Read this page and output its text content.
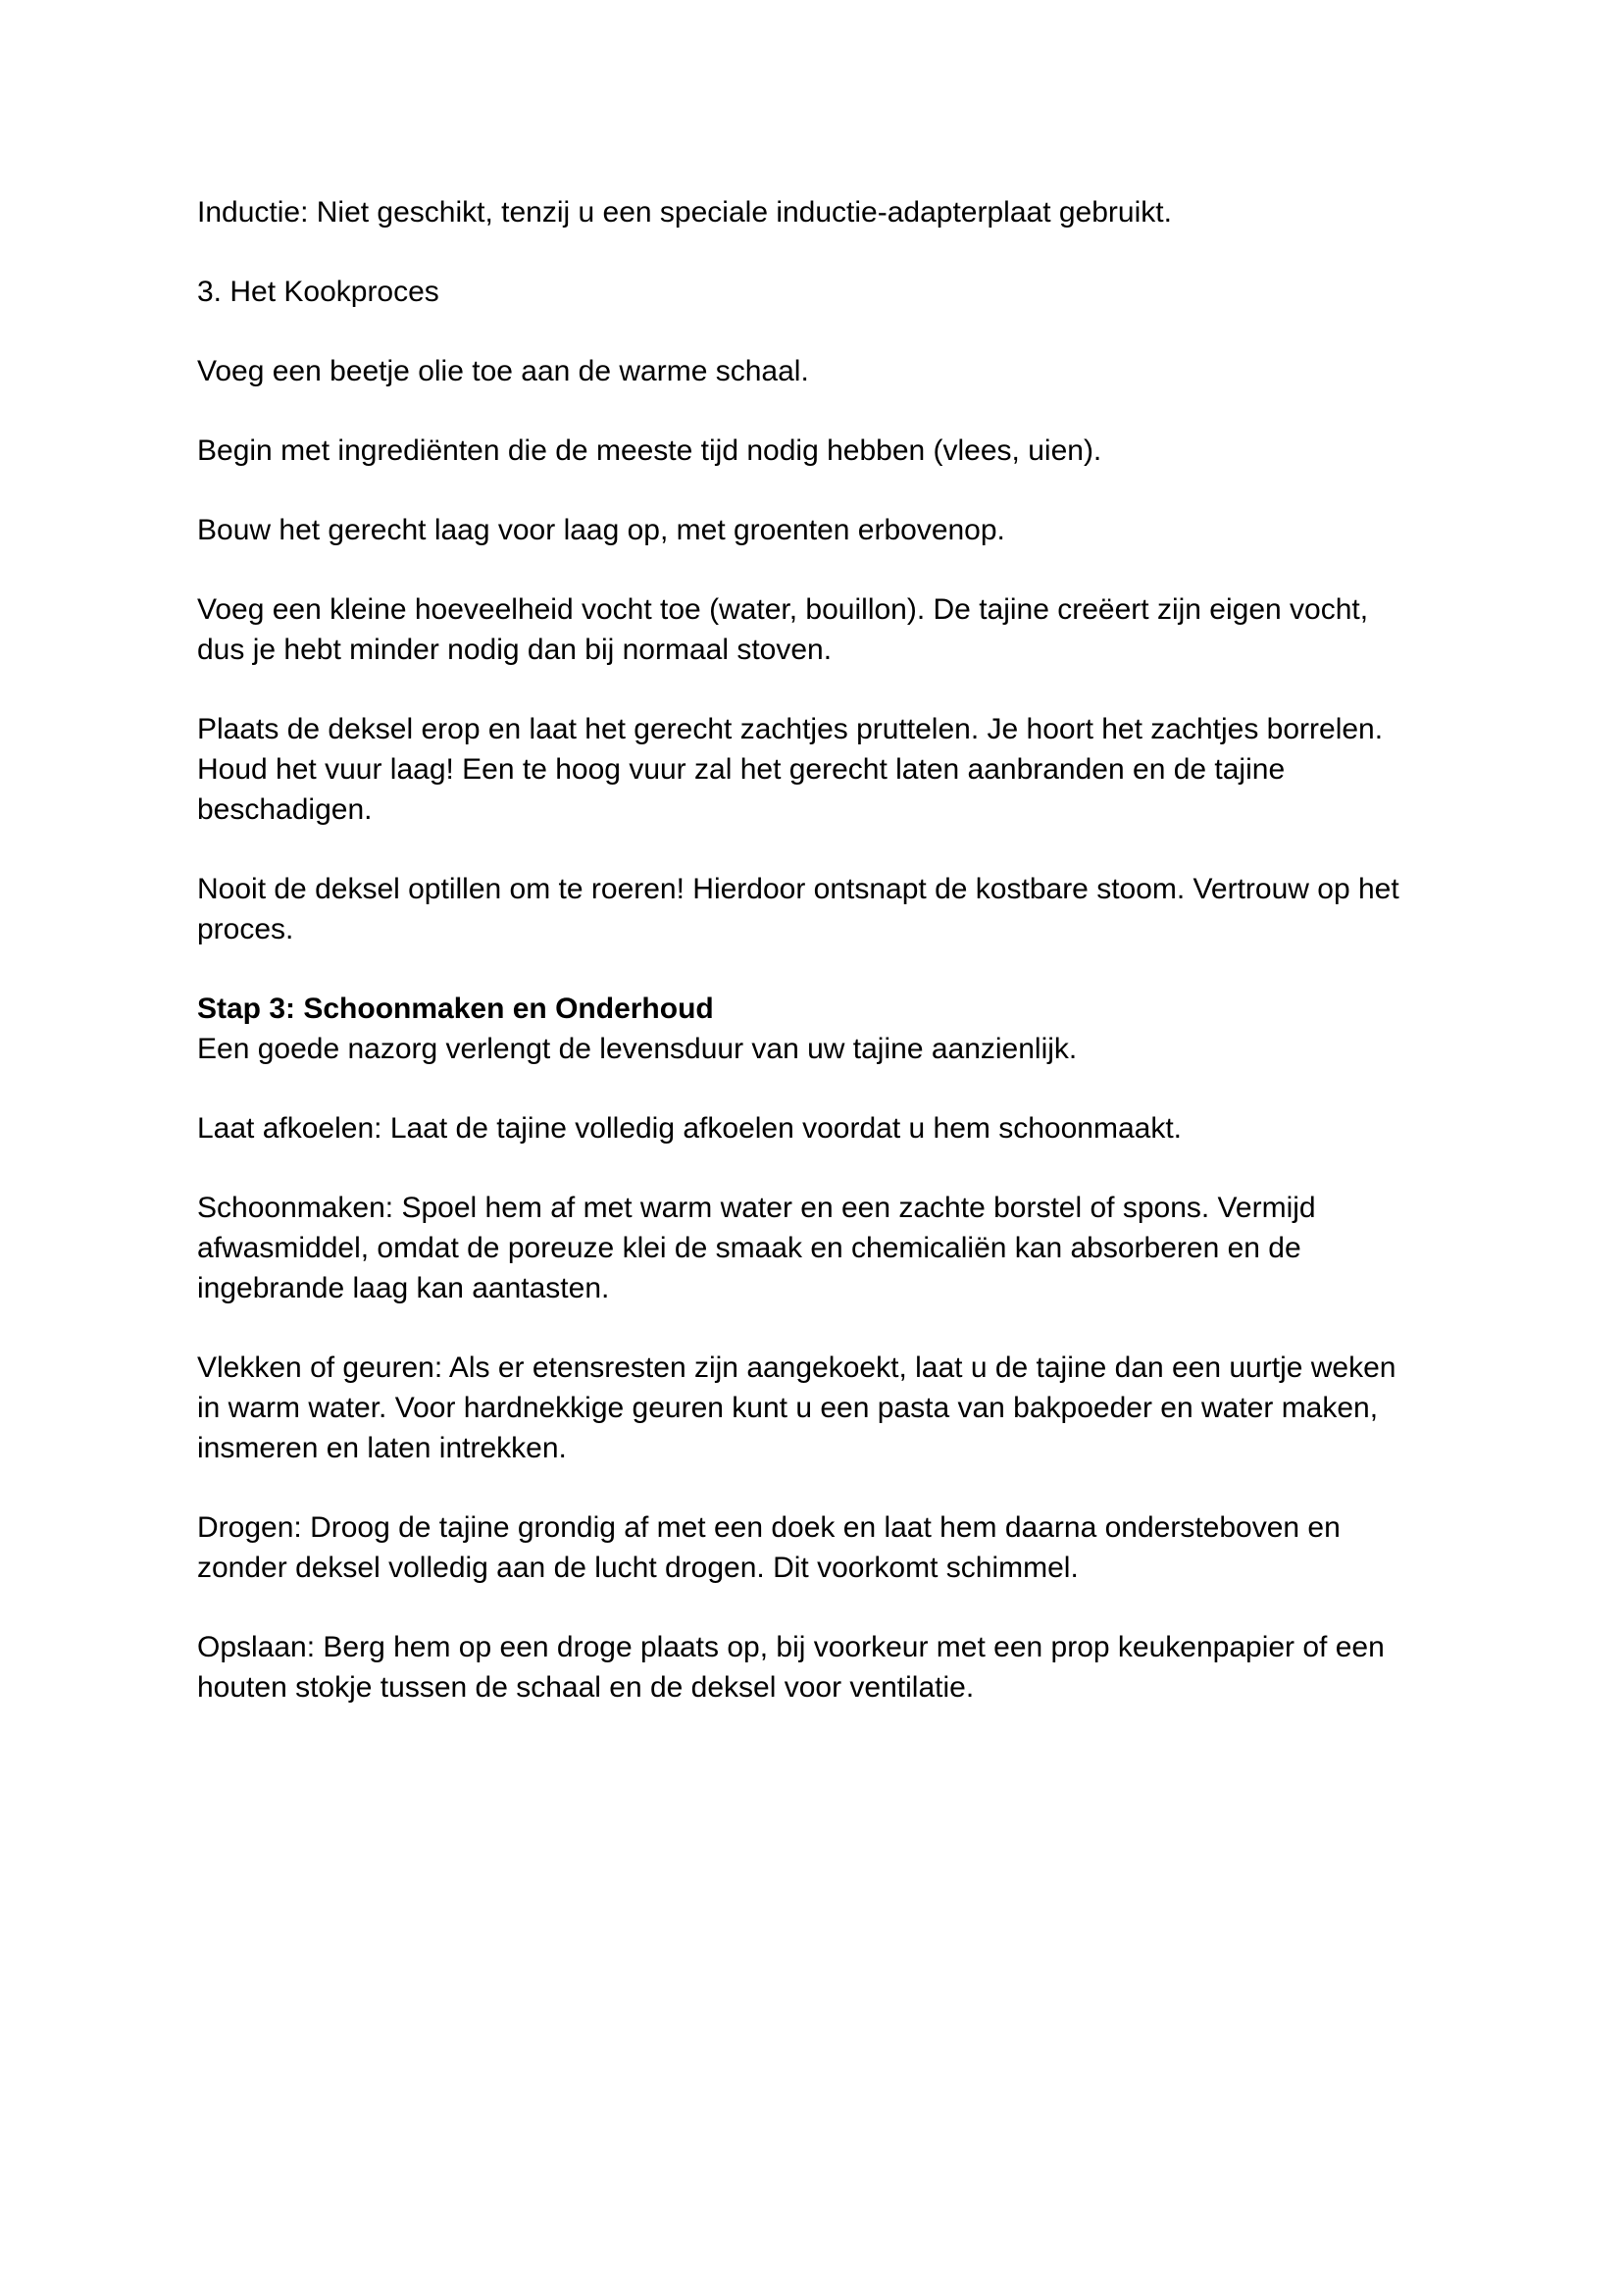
Inductie: Niet geschikt, tenzij u een speciale inductie-adapterplaat gebruikt.

3. Het Kookproces

Voeg een beetje olie toe aan de warme schaal.

Begin met ingrediënten die de meeste tijd nodig hebben (vlees, uien).

Bouw het gerecht laag voor laag op, met groenten erbovenop.

Voeg een kleine hoeveelheid vocht toe (water, bouillon). De tajine creëert zijn eigen vocht,
dus je hebt minder nodig dan bij normaal stoven.

Plaats de deksel erop en laat het gerecht zachtjes pruttelen. Je hoort het zachtjes borrelen.
Houd het vuur laag! Een te hoog vuur zal het gerecht laten aanbranden en de tajine
beschadigen.

Nooit de deksel optillen om te roeren! Hierdoor ontsnapt de kostbare stoom. Vertrouw op het
proces.

Stap 3: Schoonmaken en Onderhoud

Een goede nazorg verlengt de levensduur van uw tajine aanzienlijk.

Laat afkoelen: Laat de tajine volledig afkoelen voordat u hem schoonmaakt.

Schoonmaken: Spoel hem af met warm water en een zachte borstel of spons. Vermijd
afwasmiddel, omdat de poreuze klei de smaak en chemicaliën kan absorberen en de
ingebrande laag kan aantasten.

Vlekken of geuren: Als er etensresten zijn aangekoekt, laat u de tajine dan een uurtje weken
in warm water. Voor hardnekkige geuren kunt u een pasta van bakpoeder en water maken,
insmeren en laten intrekken.

Drogen: Droog de tajine grondig af met een doek en laat hem daarna ondersteboven en
zonder deksel volledig aan de lucht drogen. Dit voorkomt schimmel.

Opslaan: Berg hem op een droge plaats op, bij voorkeur met een prop keukenpapier of een
houten stokje tussen de schaal en de deksel voor ventilatie.
